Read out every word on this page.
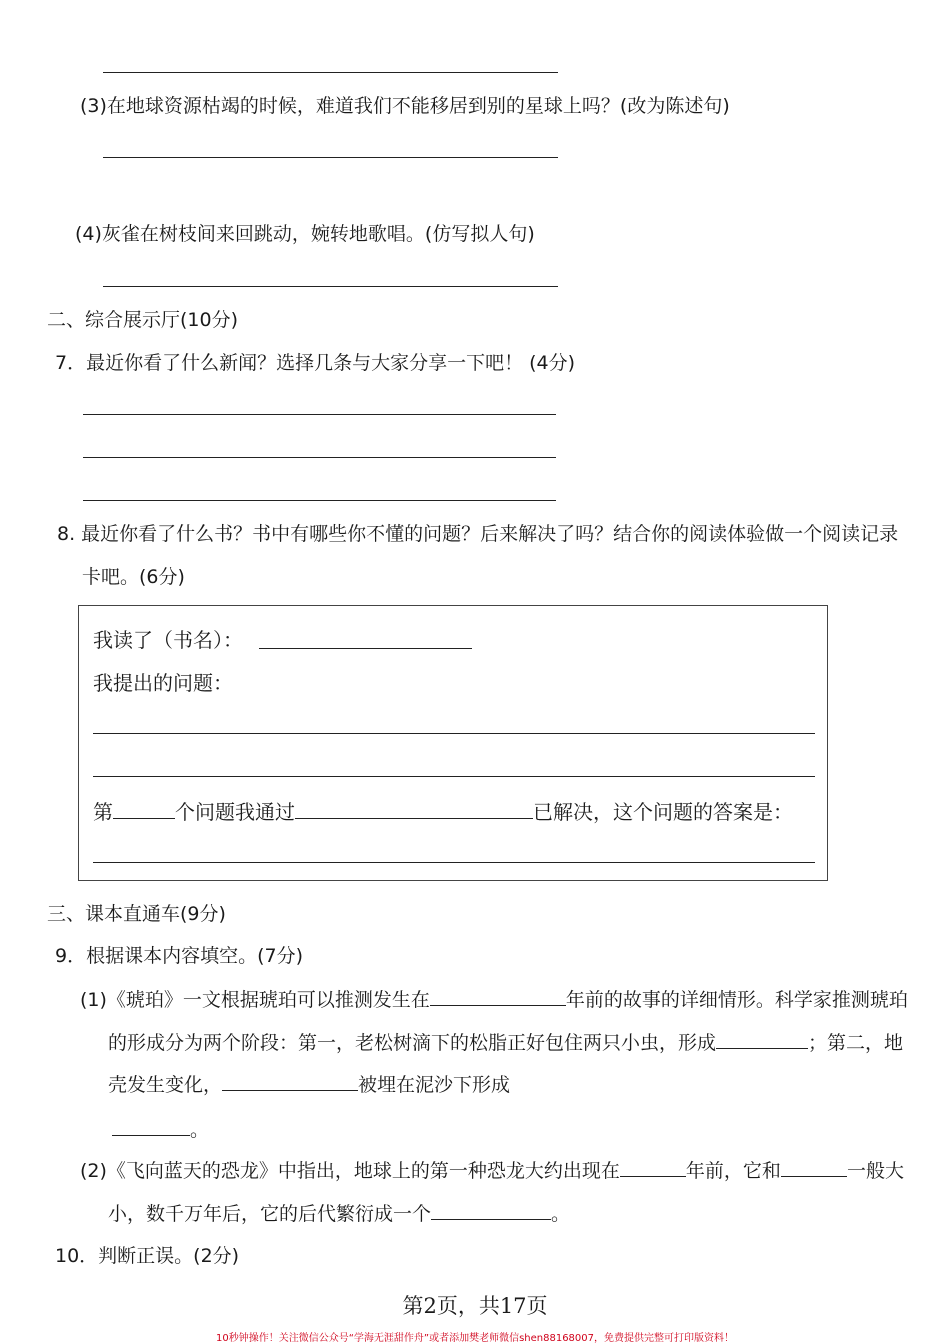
(3)在地球资源枯竭的时候，难道我们不能移居到别的星球上吗？(改为陈述句)
(4)灰雀在树枝间来回跳动，婉转地歌唱。(仿写拟人句)
二、综合展示厅(10分)
7．最近你看了什么新闻？选择几条与大家分享一下吧！ (4分)
8. 最近你看了什么书？书中有哪些你不懂的问题？后来解决了吗？结合你的阅读体验做一个阅读记录
卡吧。(6分)
我读了（书名）：
我提出的问题：
第	个问题我通过	已解决，这个问题的答案是：
三、课本直通车(9分)
9．根据课本内容填空。(7分)
(1)《琥珀》一文根据琥珀可以推测发生在	年前的故事的详细情形。科学家推测琥珀
的形成分为两个阶段：第一，老松树滴下的松脂正好包住两只小虫，形成	；第二，地
壳发生变化，	被埋在泥沙下形成
。
(2)《飞向蓝天的恐龙》中指出，地球上的第一种恐龙大约出现在	年前，它和	一般大
小，数千万年后，它的后代繁衍成一个	。
10．判断正误。(2分)
第2页，共17页
10秒钟操作！关注微信公众号“学海无涯甜作舟”或者添加樊老师微信shen88168007，免费提供完整可打印版资料！
